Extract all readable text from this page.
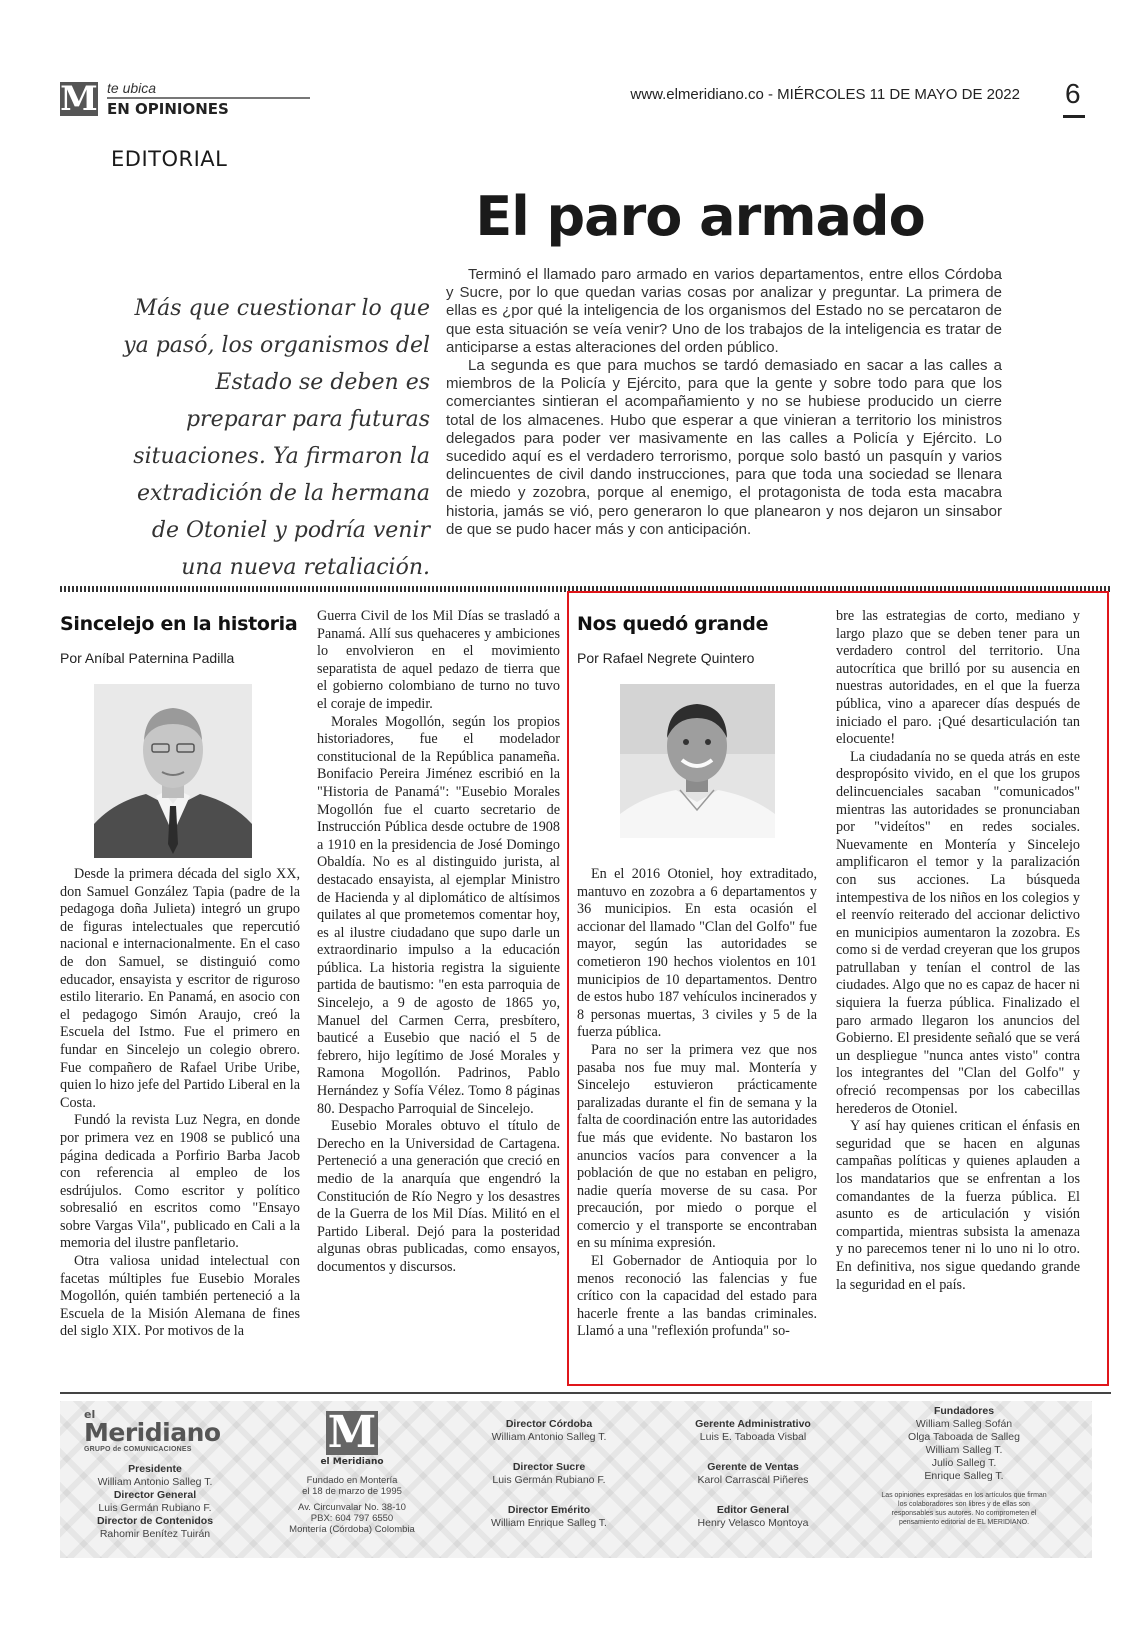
M te ubica
EN OPINIONES
www.elmeridiano.co - MIÉRCOLES 11 DE MAYO DE 2022 6
EDITORIAL
El paro armado
Más que cuestionar lo que ya pasó, los organismos del Estado se deben es preparar para futuras situaciones. Ya firmaron la extradición de la hermana de Otoniel y podría venir una nueva retaliación.

Terminó el llamado paro armado en varios departamentos, entre ellos Córdoba y Sucre, por lo que quedan varias cosas por analizar y preguntar. La primera de ellas es ¿por qué la inteligencia de los organismos del Estado no se percataron de que esta situación se veía venir? Uno de los trabajos de la inteligencia es tratar de anticiparse a estas alteraciones del orden público.

La segunda es que para muchos se tardó demasiado en sacar a las calles a miembros de la Policía y Ejército, para que la gente y sobre todo para que los comerciantes sintieran el acompañamiento y no se hubiese producido un cierre total de los almacenes. Hubo que esperar a que vinieran a territorio los ministros delegados para poder ver masivamente en las calles a Policía y Ejército. Lo sucedido aquí es el verdadero terrorismo, porque solo bastó un pasquín y varios delincuentes de civil dando instrucciones, para que toda una sociedad se llenara de miedo y zozobra, porque al enemigo, el protagonista de toda esta macabra historia, jamás se vió, pero generaron lo que planearon y nos dejaron un sinsabor de que se pudo hacer más y con anticipación.

Sincelejo en la historia
Por Aníbal Paternina Padilla

Desde la primera década del siglo XX, don Samuel González Tapia (padre de la pedagoga doña Julieta) integró un grupo de figuras intelectuales que repercutió nacional e internacionalmente. En el caso de don Samuel, se distinguió como educador, ensayista y escritor de riguroso estilo literario. En Panamá, en asocio con el pedagogo Simón Araujo, creó la Escuela del Istmo. Fue el primero en fundar en Sincelejo un colegio obrero. Fue compañero de Rafael Uribe Uribe, quien lo hizo jefe del Partido Liberal en la Costa.

Fundó la revista Luz Negra, en donde por primera vez en 1908 se publicó una página dedicada a Porfirio Barba Jacob con referencia al empleo de los esdrújulos. Como escritor y político sobresalió en escritos como "Ensayo sobre Vargas Vila", publicado en Cali a la memoria del ilustre panfletario.

Otra valiosa unidad intelectual con facetas múltiples fue Eusebio Morales Mogollón, quién también perteneció a la Escuela de la Misión Alemana de fines del siglo XIX. Por motivos de la

Guerra Civil de los Mil Días se trasladó a Panamá. Allí sus quehaceres y ambiciones lo envolvieron en el movimiento separatista de aquel pedazo de tierra que el gobierno colombiano de turno no tuvo el coraje de impedir.

Morales Mogollón, según los propios historiadores, fue el modelador constitucional de la República panameña. Bonifacio Pereira Jiménez escribió en la "Historia de Panamá": "Eusebio Morales Mogollón fue el cuarto secretario de Instrucción Pública desde octubre de 1908 a 1910 en la presidencia de José Domingo Obaldía. No es al distinguido jurista, al destacado ensayista, al ejemplar Ministro de Hacienda y al diplomático de altísimos quilates al que prometemos comentar hoy, es al ilustre ciudadano que supo darle un extraordinario impulso a la educación pública. La historia registra la siguiente partida de bautismo: "en esta parroquia de Sincelejo, a 9 de agosto de 1865 yo, Manuel del Carmen Cerra, presbítero, bauticé a Eusebio que nació el 5 de febrero, hijo legítimo de José Morales y Ramona Mogollón. Padrinos, Pablo Hernández y Sofía Vélez. Tomo 8 páginas 80. Despacho Parroquial de Sincelejo.

Eusebio Morales obtuvo el título de Derecho en la Universidad de Cartagena. Perteneció a una generación que creció en medio de la anarquía que engendró la Constitución de Río Negro y los desastres de la Guerra de los Mil Días. Militó en el Partido Liberal. Dejó para la posteridad algunas obras publicadas, como ensayos, documentos y discursos.

Nos quedó grande
Por Rafael Negrete Quintero

En el 2016 Otoniel, hoy extraditado, mantuvo en zozobra a 6 departamentos y 36 municipios. En esta ocasión el accionar del llamado "Clan del Golfo" fue mayor, según las autoridades se cometieron 190 hechos violentos en 101 municipios de 10 departamentos. Dentro de estos hubo 187 vehículos incinerados y 8 personas muertas, 3 civiles y 5 de la fuerza pública.

Para no ser la primera vez que nos pasaba nos fue muy mal. Montería y Sincelejo estuvieron prácticamente paralizadas durante el fin de semana y la falta de coordinación entre las autoridades fue más que evidente. No bastaron los anuncios vacíos para convencer a la población de que no estaban en peligro, nadie quería moverse de su casa. Por precaución, por miedo o porque el comercio y el transporte se encontraban en su mínima expresión.

El Gobernador de Antioquia por lo menos reconoció las falencias y fue crítico con la capacidad del estado para hacerle frente a las bandas criminales. Llamó a una "reflexión profunda" so-

bre las estrategias de corto, mediano y largo plazo que se deben tener para un verdadero control del territorio. Una autocrítica que brilló por su ausencia en nuestras autoridades, en el que la fuerza pública, vino a aparecer días después de iniciado el paro. ¡Qué desarticulación tan elocuente!

La ciudadanía no se queda atrás en este despropósito vivido, en el que los grupos delincuenciales sacaban "comunicados" mientras las autoridades se pronunciaban por "videítos" en redes sociales. Nuevamente en Montería y Sincelejo amplificaron el temor y la paralización con sus acciones. La búsqueda intempestiva de los niños en los colegios y el reenvío reiterado del accionar delictivo en municipios aumentaron la zozobra. Es como si de verdad creyeran que los grupos patrullaban y tenían el control de las ciudades. Algo que no es capaz de hacer ni siquiera la fuerza pública. Finalizado el paro armado llegaron los anuncios del Gobierno. El presidente señaló que se verá un despliegue "nunca antes visto" contra los integrantes del "Clan del Golfo" y ofreció recompensas por los cabecillas herederos de Otoniel.

Y así hay quienes critican el énfasis en seguridad que se hacen en algunas campañas políticas y quienes aplauden a los mandatarios que se enfrentan a los comandantes de la fuerza pública. El asunto es de articulación y visión compartida, mientras subsista la amenaza y no parecemos tener ni lo uno ni lo otro. En definitiva, nos sigue quedando grande la seguridad en el país.

el
Meridiano
GRUPO de COMUNICACIONES
Presidente
William Antonio Salleg T.
Director General
Luis Germán Rubiano F.
Director de Contenidos
Rahomir Benítez Tuirán
M
el Meridiano
Fundado en Montería
el 18 de marzo de 1995
Av. Circunvalar No. 38-10
PBX: 604 797 6550
Montería (Córdoba) Colombia
Director Córdoba
William Antonio Salleg T.
Director Sucre
Luis Germán Rubiano F.
Director Emérito
William Enrique Salleg T.
Gerente Administrativo
Luis E. Taboada Visbal
Gerente de Ventas
Karol Carrascal Piñeres
Editor General
Henry Velasco Montoya
Fundadores
William Salleg Sofán
Olga Taboada de Salleg
William Salleg T.
Julio Salleg T.
Enrique Salleg T.
Las opiniones expresadas en los artículos que firman los colaboradores son libres y de ellas son responsables sus autores. No comprometen el pensamiento editorial de EL MERIDIANO.
